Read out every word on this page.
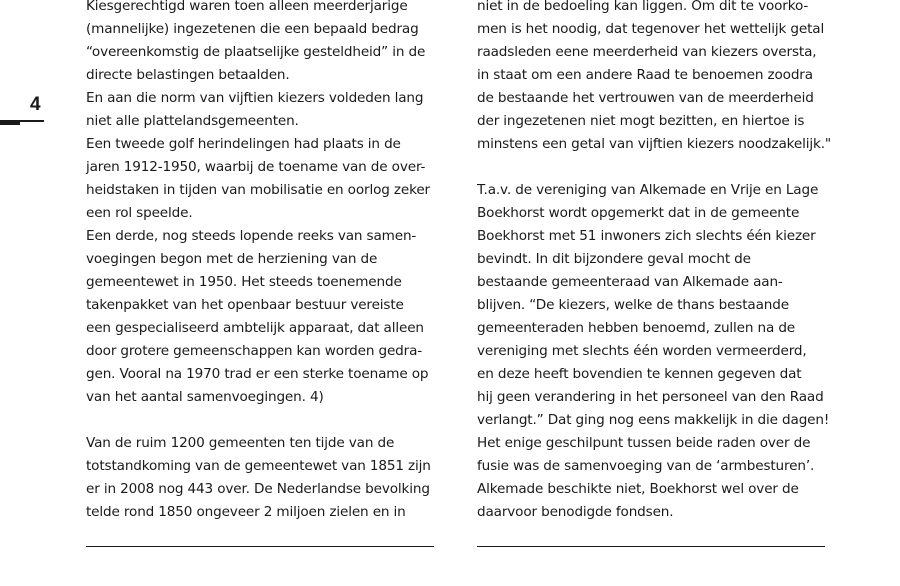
4
Kiesgerechtigd waren toen alleen meerderjarige
(mannelijke) ingezetenen die een bepaald bedrag
“overeenkomstig de plaatselijke gesteldheid” in de
directe belastingen betaalden.
En aan die norm van vijftien kiezers voldeden lang
niet alle plattelandsgemeenten.
Een tweede golf herindelingen had plaats in de
jaren 1912-1950, waarbij de toename van de over-
heidstaken in tijden van mobilisatie en oorlog zeker
een rol speelde.
Een derde, nog steeds lopende reeks van samen-
voegingen begon met de herziening van de
gemeentewet in 1950. Het steeds toenemende
takenpakket van het openbaar bestuur vereiste
een gespecialiseerd ambtelijk apparaat, dat alleen
door grotere gemeenschappen kan worden gedra-
gen. Vooral na 1970 trad er een sterke toename op
van het aantal samenvoegingen. 4)
Van de ruim 1200 gemeenten ten tijde van de
totstandkoming van de gemeentewet van 1851 zijn
er in 2008 nog 443 over. De Nederlandse bevolking
telde rond 1850 ongeveer 2 miljoen zielen en in
niet in de bedoeling kan liggen. Om dit te voorko-
men is het noodig, dat tegenover het wettelijk getal
raadsleden eene meerderheid van kiezers oversta,
in staat om een andere Raad te benoemen zoodra
de bestaande het vertrouwen van de meerderheid
der ingezetenen niet mogt bezitten, en hiertoe is
minstens een getal van vijftien kiezers noodzakelijk."
T.a.v. de vereniging van Alkemade en Vrije en Lage
Boekhorst wordt opgemerkt dat in de gemeente
Boekhorst met 51 inwoners zich slechts één kiezer
bevindt. In dit bijzondere geval mocht de
bestaande gemeenteraad van Alkemade aan-
blijven. “De kiezers, welke de thans bestaande
gemeenteraden hebben benoemd, zullen na de
vereniging met slechts één worden vermeerderd,
en deze heeft bovendien te kennen gegeven dat
hij geen verandering in het personeel van den Raad
verlangt.” Dat ging nog eens makkelijk in die dagen!
Het enige geschilpunt tussen beide raden over de
fusie was de samenvoeging van de ‘armbesturen’.
Alkemade beschikte niet, Boekhorst wel over de
daarvoor benodigde fondsen.
